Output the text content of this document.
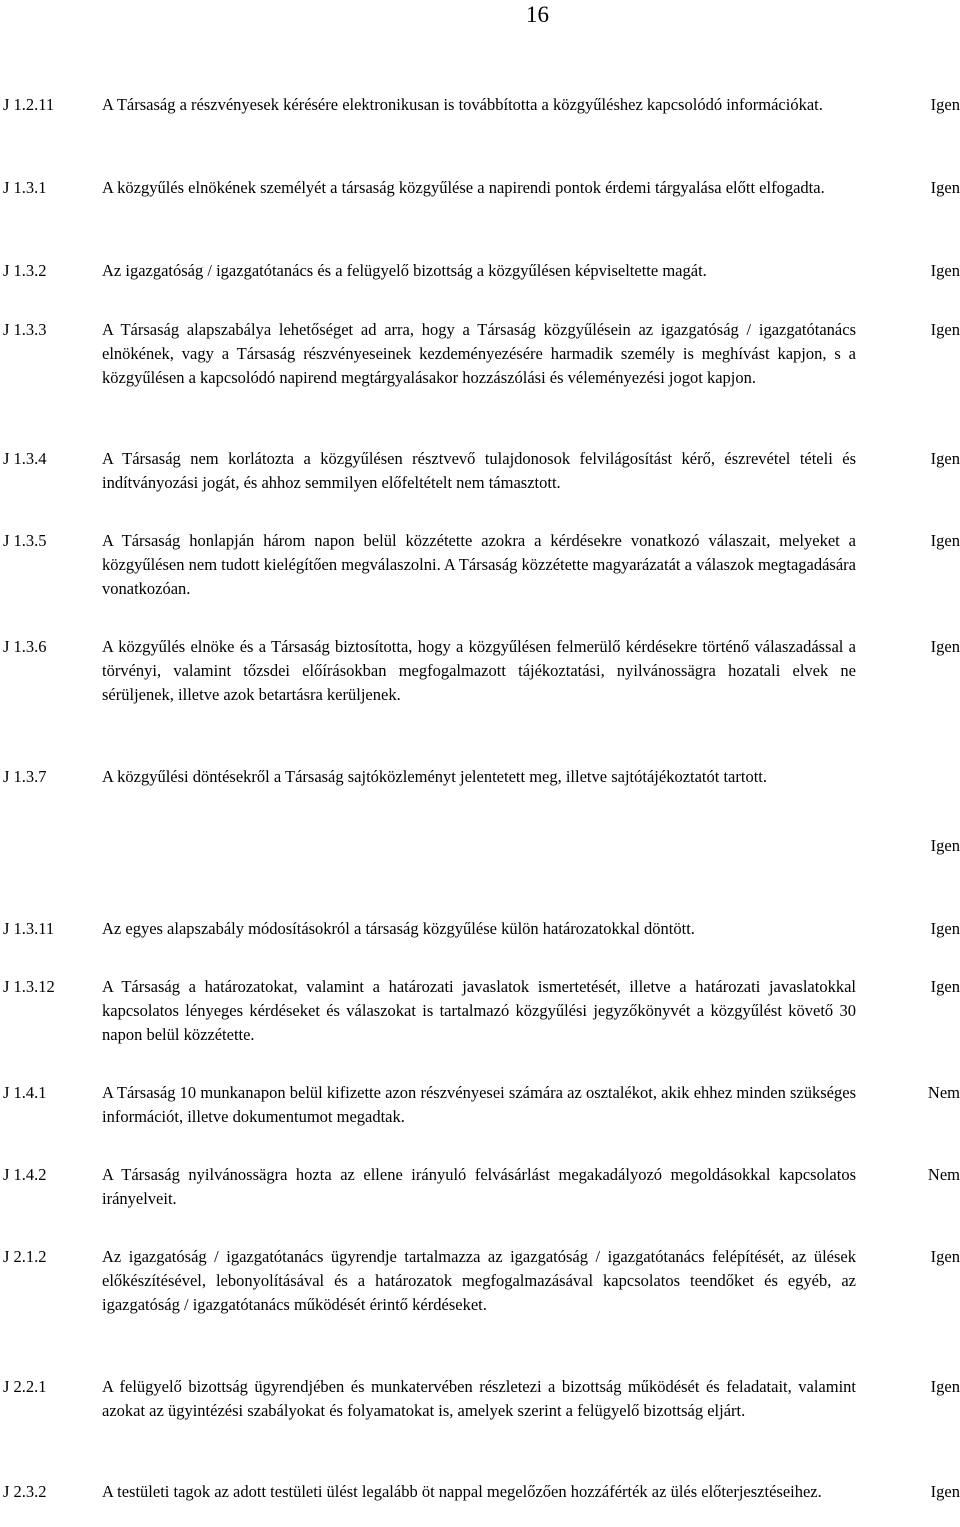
16
J 1.2.11	A Társaság a részvényesek kérésére elektronikusan is továbbította a közgyűléshez kapcsolódó információkat.	Igen
J 1.3.1	A közgyűlés elnökének személyét a társaság közgyűlése a napirendi pontok érdemi tárgyalása előtt elfogadta.	Igen
J 1.3.2	Az igazgatóság / igazgatótanács és a felügyelő bizottság a közgyűlésen képviseltette magát.	Igen
J 1.3.3	A Társaság alapszabálya lehetőséget ad arra, hogy a Társaság közgyűlésein az igazgatóság / igazgatótanács elnökének, vagy a Társaság részvényeseinek kezdeményezésére harmadik személy is meghívást kapjon, s a közgyűlésen a kapcsolódó napirend megtárgyalásakor hozzászólási és véleményezési jogot kapjon.
Igen
J 1.3.4	A Társaság nem korlátozta a közgyűlésen résztvevő tulajdonosok felvilágosítást kérő, észrevétel tételi és indítványozási jogát, és ahhoz semmilyen előfeltételt nem támasztott.
Igen
J 1.3.5	A Társaság honlapján három napon belül közzétette azokra a kérdésekre vonatkozó válaszait, melyeket a közgyűlésen nem tudott kielégítően megválaszolni. A Társaság közzétette magyarázatát a válaszok megtagadására vonatkozóan.
Igen
J 1.3.6	A közgyűlés elnöke és a Társaság biztosította, hogy a közgyűlésen felmerülő kérdésekre történő válaszadással a törvényi, valamint tőzsdei előírásokban megfogalmazott tájékoztatási, nyilvánossägra hozatali elvek ne sérüljenek, illetve azok betartásra kerüljenek.
Igen
J 1.3.7	A közgyűlési döntésekről a Társaság sajtóközleményt jelentetett meg, illetve sajtótájékoztatót tartott.
Igen
J 1.3.11	Az egyes alapszabály módosításokról a társaság közgyűlése külön határozatokkal döntött.	Igen
J 1.3.12	A Társaság a határozatokat, valamint a határozati javaslatok ismertetését, illetve a határozati javaslatokkal kapcsolatos lényeges kérdéseket és válaszokat is tartalmazó közgyűlési jegyzőkönyvét a közgyűlést követő 30 napon belül közzétette.
Igen
J 1.4.1	A Társaság 10 munkanapon belül kifizette azon részvényesei számára az osztalékot, akik ehhez minden szükséges információt, illetve dokumentumot megadtak.
Nem
J 1.4.2	A Társaság nyilvánossägra hozta az ellene irányuló felvásárlást megakadályozó megoldásokkal kapcsolatos irányelveit.
Nem
J 2.1.2	Az igazgatóság / igazgatótanács ügyrendje tartalmazza az igazgatóság / igazgatótanács felépítését, az ülések előkészítésével, lebonyolításával és a határozatok megfogalmazásával kapcsolatos teendőket és egyéb, az igazgatóság / igazgatótanács működését érintő kérdéseket.
Igen
J 2.2.1	A felügyelő bizottság ügyrendjében és munkatervében részletezi a bizottság működését és feladatait, valamint azokat az ügyintézési szabályokat és folyamatokat is, amelyek szerint a felügyelő bizottság eljárt.
Igen
J 2.3.2	A testületi tagok az adott testületi ülést legalább öt nappal megelőzően hozzáférték az ülés előterjesztéseihez.	Igen
